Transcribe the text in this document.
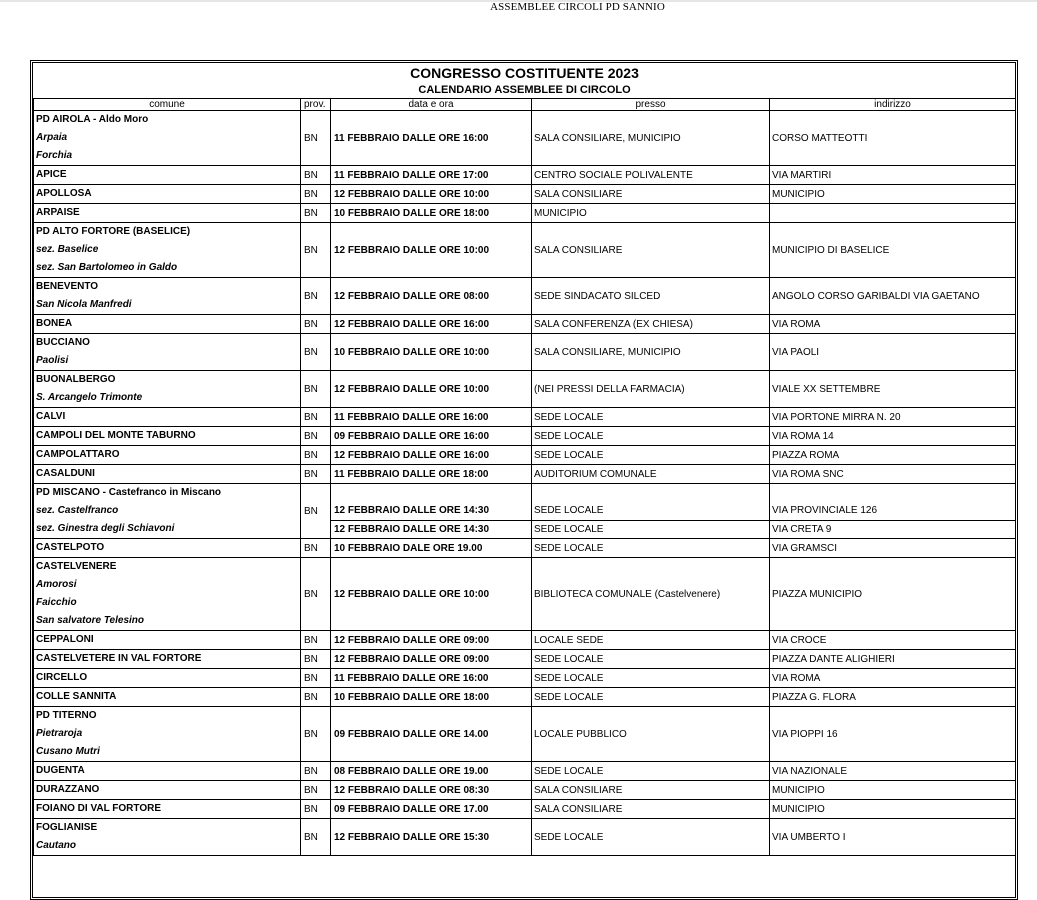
ASSEMBLEE CIRCOLI PD SANNIO
CONGRESSO COSTITUENTE 2023				
CALENDARIO ASSEMBLEE DI CIRCOLO				
comune	prov.	data e ora	presso	indirizzo

PD AIROLA - Aldo Moro
Arpaia
Forchia	BN	11 FEBBRAIO DALLE ORE 16:00	SALA CONSILIARE, MUNICIPIO	CORSO MATTEOTTI

APICE	BN	11 FEBBRAIO DALLE ORE 17:00	CENTRO SOCIALE POLIVALENTE	VIA MARTIRI

APOLLOSA	BN	12 FEBBRAIO DALLE ORE 10:00	SALA CONSILIARE	MUNICIPIO

ARPAISE	BN	10 FEBBRAIO DALLE ORE 18:00	MUNICIPIO	

PD ALTO FORTORE (BASELICE)
sez. Baselice
sez. San Bartolomeo in Galdo	BN	12 FEBBRAIO DALLE ORE 10:00	SALA CONSILIARE	MUNICIPIO DI BASELICE

BENEVENTO
San Nicola Manfredi	BN	12 FEBBRAIO DALLE ORE 08:00	SEDE SINDACATO SILCED	ANGOLO CORSO GARIBALDI VIA GAETANO

BONEA	BN	12 FEBBRAIO DALLE ORE 16:00	SALA CONFERENZA (EX CHIESA)	VIA ROMA

BUCCIANO
Paolisi	BN	10 FEBBRAIO DALLE ORE 10:00	SALA CONSILIARE, MUNICIPIO	VIA PAOLI

BUONALBERGO
S. Arcangelo Trimonte	BN	12 FEBBRAIO DALLE ORE 10:00	(NEI PRESSI DELLA FARMACIA)	VIALE XX SETTEMBRE

CALVI	BN	11 FEBBRAIO DALLE ORE 16:00	SEDE LOCALE	VIA PORTONE MIRRA N. 20

CAMPOLI DEL MONTE TABURNO	BN	09 FEBBRAIO DALLE ORE 16:00	SEDE LOCALE	VIA ROMA 14

CAMPOLATTARO	BN	12 FEBBRAIO DALLE ORE 16:00	SEDE LOCALE	PIAZZA ROMA

CASALDUNI	BN	11 FEBBRAIO DALLE ORE 18:00	AUDITORIUM COMUNALE	VIA ROMA SNC

PD MISCANO - Castefranco in Miscano				

sez. Castelfranco	BN	12 FEBBRAIO DALLE ORE 14:30	SEDE LOCALE	VIA PROVINCIALE 126

sez. Ginestra degli Schiavoni		12 FEBBRAIO DALLE ORE 14:30	SEDE LOCALE	VIA CRETA 9

CASTELPOTO	BN	10 FEBBRAIO DALE ORE 19.00	SEDE LOCALE	VIA GRAMSCI

CASTELVENERE
Amorosi
Faicchio
San salvatore Telesino	BN	12 FEBBRAIO DALLE ORE 10:00	BIBLIOTECA COMUNALE (Castelvenere)	PIAZZA MUNICIPIO

CEPPALONI	BN	12 FEBBRAIO DALLE ORE 09:00	LOCALE SEDE	VIA CROCE

CASTELVETERE IN VAL FORTORE	BN	12 FEBBRAIO DALLE ORE 09:00	SEDE LOCALE	PIAZZA DANTE ALIGHIERI

CIRCELLO	BN	11 FEBBRAIO DALLE ORE 16:00	SEDE LOCALE	VIA ROMA

COLLE SANNITA	BN	10 FEBBRAIO DALLE ORE 18:00	SEDE LOCALE	PIAZZA G. FLORA

PD TITERNO
Pietraroja
Cusano Mutri	BN	09 FEBBRAIO DALLE ORE 14.00	LOCALE PUBBLICO	VIA PIOPPI 16

DUGENTA	BN	08 FEBBRAIO DALLE ORE 19.00	SEDE LOCALE	VIA NAZIONALE

DURAZZANO	BN	12 FEBBRAIO DALLE ORE 08:30	SALA CONSILIARE	MUNICIPIO

FOIANO DI VAL FORTORE	BN	09 FEBBRAIO DALLE ORE 17.00	SALA CONSILIARE	MUNICIPIO

FOGLIANISE
Cautano	BN	12 FEBBRAIO DALLE ORE 15:30	SEDE LOCALE	VIA UMBERTO I
